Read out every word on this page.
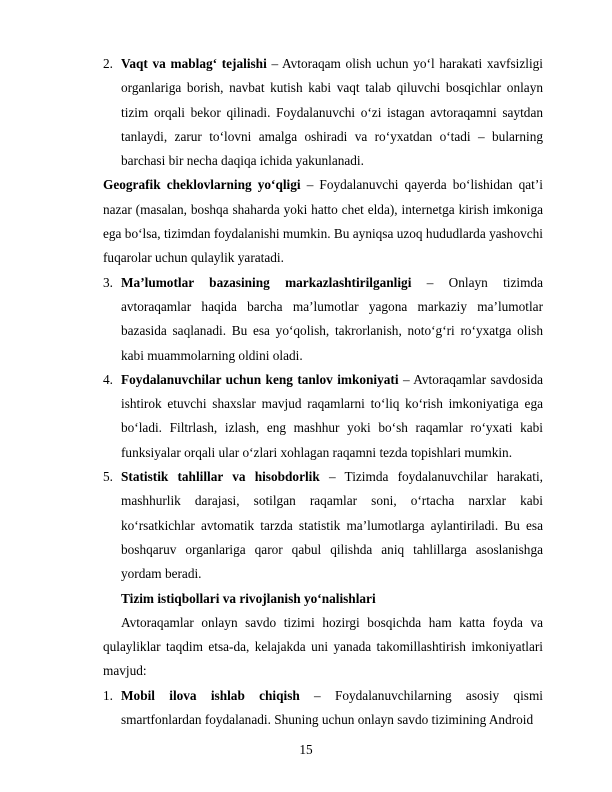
2. Vaqt va mablag‘ tejalishi – Avtoraqam olish uchun yo‘l harakati xavfsizligi organlariga borish, navbat kutish kabi vaqt talab qiluvchi bosqichlar onlayn tizim orqali bekor qilinadi. Foydalanuvchi o‘zi istagan avtoraqamni saytdan tanlaydi, zarur to‘lovni amalga oshiradi va ro‘yxatdan o‘tadi – bularning barchasi bir necha daqiqa ichida yakunlanadi.

Geografik cheklovlarning yo‘qligi – Foydalanuvchi qayerda bo‘lishidan qat’i nazar (masalan, boshqa shaharda yoki hatto chet elda), internetga kirish imkoniga ega bo‘lsa, tizimdan foydalanishi mumkin. Bu ayniqsa uzoq hududlarda yashovchi fuqarolar uchun qulaylik yaratadi.

3. Ma’lumotlar bazasining markazlashtirilganligi – Onlayn tizimda avtoraqamlar haqida barcha ma’lumotlar yagona markaziy ma’lumotlar bazasida saqlanadi. Bu esa yo‘qolish, takrorlanish, noto‘g‘ri ro‘yxatga olish kabi muammolarning oldini oladi.

4. Foydalanuvchilar uchun keng tanlov imkoniyati – Avtoraqamlar savdosida ishtirok etuvchi shaxslar mavjud raqamlarni to‘liq ko‘rish imkoniyatiga ega bo‘ladi. Filtrlash, izlash, eng mashhur yoki bo‘sh raqamlar ro‘yxati kabi funksiyalar orqali ular o‘zlari xohlagan raqamni tezda topishlari mumkin.

5. Statistik tahlillar va hisobdorlik – Tizimda foydalanuvchilar harakati, mashhurlik darajasi, sotilgan raqamlar soni, o‘rtacha narxlar kabi ko‘rsatkichlar avtomatik tarzda statistik ma’lumotlarga aylantiriladi. Bu esa boshqaruv organlariga qaror qabul qilishda aniq tahlillarga asoslanishga yordam beradi.

Tizim istiqbollari va rivojlanish yo‘nalishlari

Avtoraqamlar onlayn savdo tizimi hozirgi bosqichda ham katta foyda va qulayliklar taqdim etsa-da, kelajakda uni yanada takomillashtirish imkoniyatlari mavjud:

1. Mobil ilova ishlab chiqish – Foydalanuvchilarning asosiy qismi smartfonlardan foydalanadi. Shuning uchun onlayn savdo tizimining Android

15
